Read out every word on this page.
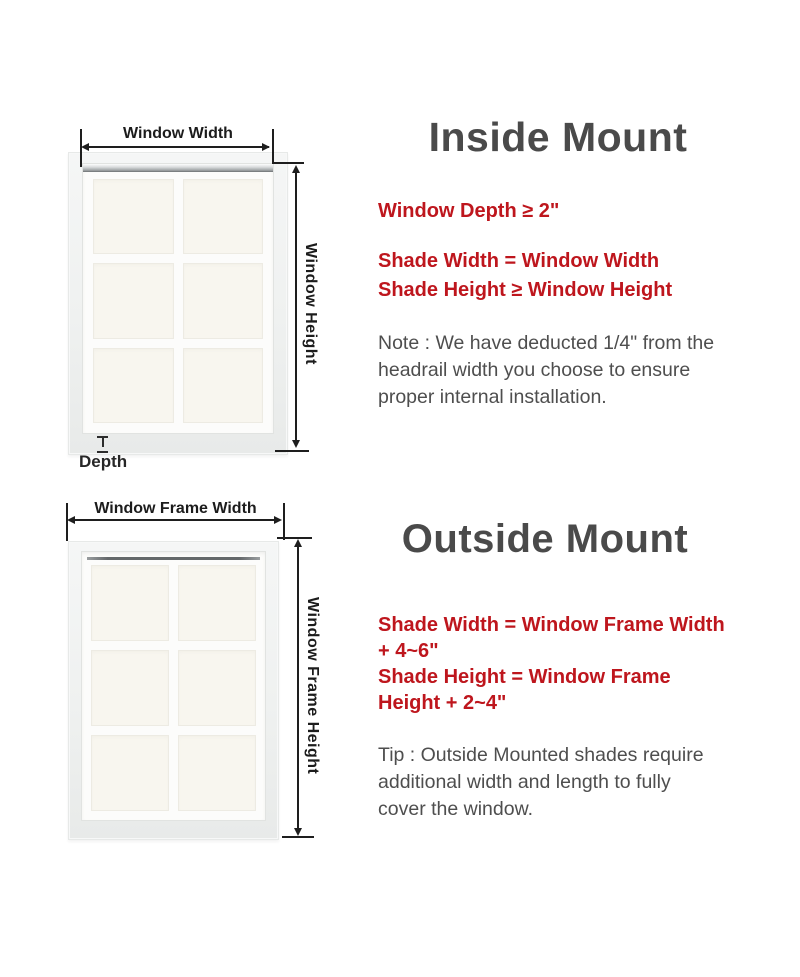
Window Width
Window Height
Depth
Inside Mount
Window Depth ≥ 2"
Shade Width = Window Width
Shade Height ≥ Window Height
Note : We have deducted 1/4" from the
headrail width you choose to ensure
proper internal installation.
Window Frame Width
Window Frame Height
Outside Mount
Shade Width = Window Frame Width
+ 4~6"
Shade Height = Window Frame
Height + 2~4"
Tip : Outside Mounted shades require
additional width and length to fully
cover the window.
